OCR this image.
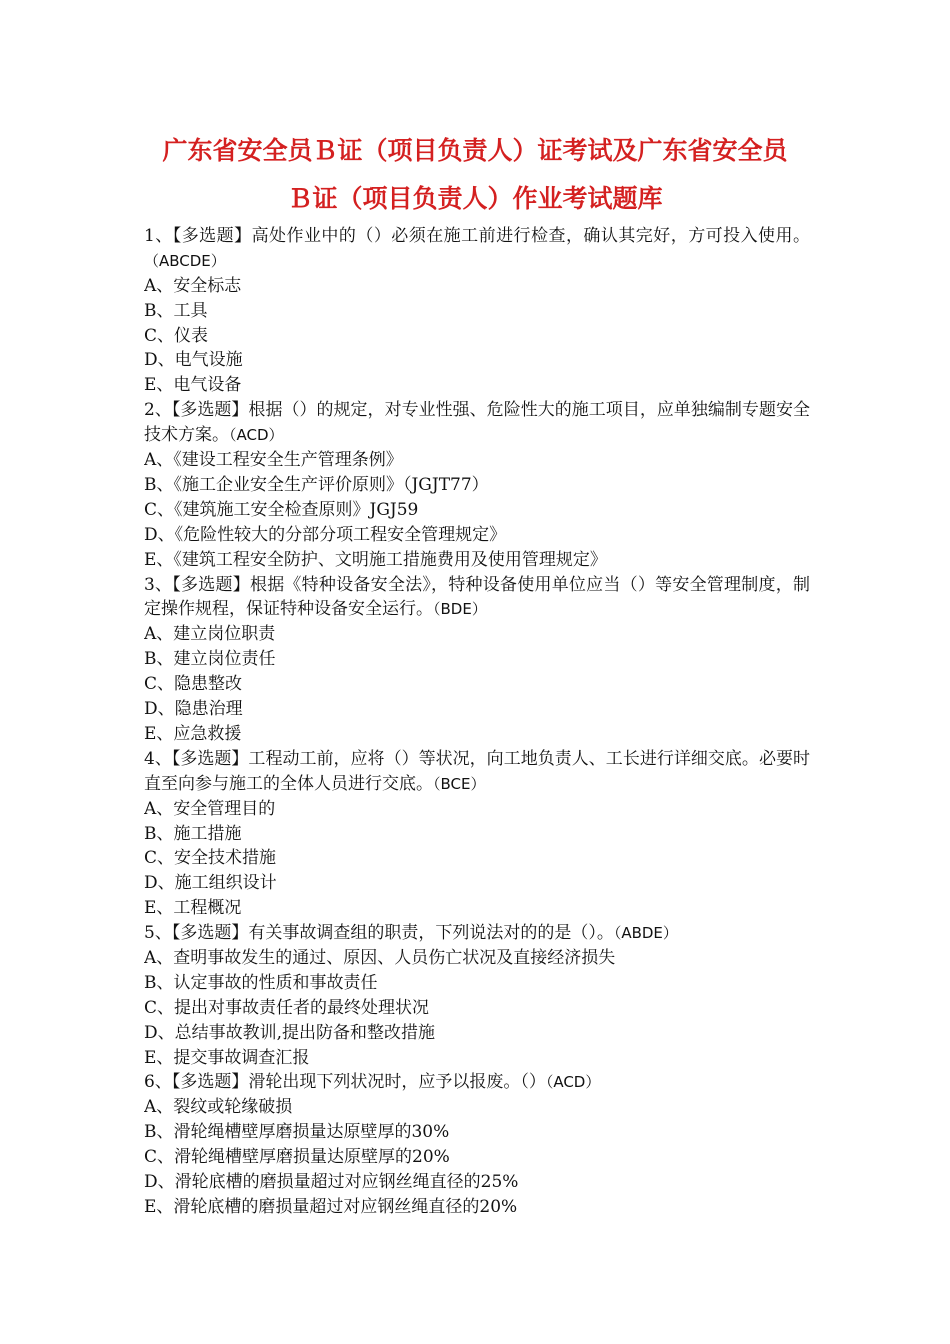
广东省安全员Ｂ证（项目负责人）证考试及广东省安全员
Ｂ证（项目负责人）作业考试题库
1、【多选题】高处作业中的（）必须在施工前进行检查，确认其完好，方可投入使用。（ABCDE）
A、安全标志
B、工具
C、仪表
D、电气设施
E、电气设备
2、【多选题】根据（）的规定，对专业性强、危险性大的施工项目，应单独编制专题安全技术方案。（ACD）
A、《建设工程安全生产管理条例》
B、《施工企业安全生产评价原则》（JGJT77）
C、《建筑施工安全检查原则》JGJ59
D、《危险性较大的分部分项工程安全管理规定》
E、《建筑工程安全防护、文明施工措施费用及使用管理规定》
3、【多选题】根据《特种设备安全法》，特种设备使用单位应当（）等安全管理制度，制定操作规程，保证特种设备安全运行。（BDE）
A、建立岗位职责
B、建立岗位责任
C、隐患整改
D、隐患治理
E、应急救援
4、【多选题】工程动工前，应将（）等状况，向工地负责人、工长进行详细交底。必要时直至向参与施工的全体人员进行交底。（BCE）
A、安全管理目的
B、施工措施
C、安全技术措施
D、施工组织设计
E、工程概况
5、【多选题】有关事故调查组的职责，下列说法对的的是（）。（ABDE）
A、查明事故发生的通过、原因、人员伤亡状况及直接经济损失
B、认定事故的性质和事故责任
C、提出对事故责任者的最终处理状况
D、总结事故教训,提出防备和整改措施
E、提交事故调查汇报
6、【多选题】滑轮出现下列状况时，应予以报废。（）（ACD）
A、裂纹或轮缘破损
B、滑轮绳槽壁厚磨损量达原壁厚的30%
C、滑轮绳槽壁厚磨损量达原壁厚的20%
D、滑轮底槽的磨损量超过对应钢丝绳直径的25%
E、滑轮底槽的磨损量超过对应钢丝绳直径的20%
